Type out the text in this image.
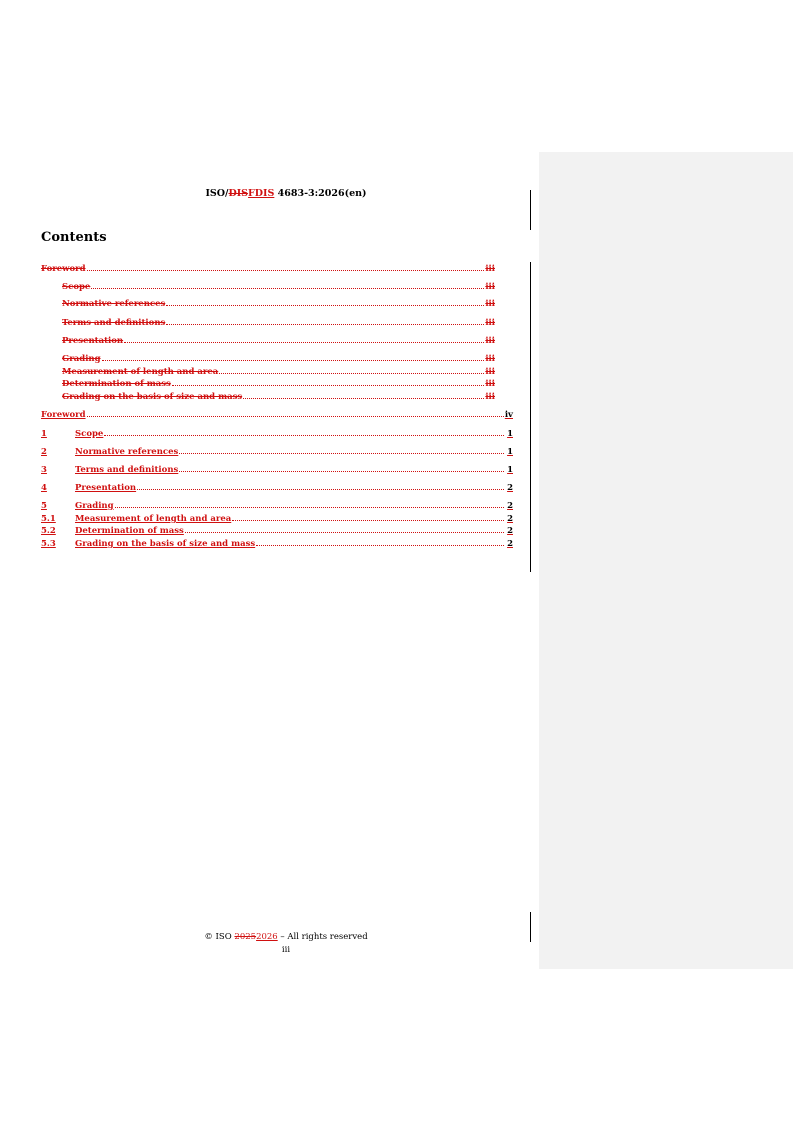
ISO/DISFDIS 4683-3:2026(en)
Contents
Foreword	iii
Scope	iii
Normative references	iii
Terms and definitions	iii
Presentation	iii
Grading	iii
Measurement of length and area	iii
Determination of mass	iii
Grading on the basis of size and mass	iii
Foreword	iv
1	Scope	1
2	Normative references	1
3	Terms and definitions	1
4	Presentation	2
5	Grading	2
5.1	Measurement of length and area	2
5.2	Determination of mass	2
5.3	Grading on the basis of size and mass	2
© ISO 20252026 – All rights reserved
iii
